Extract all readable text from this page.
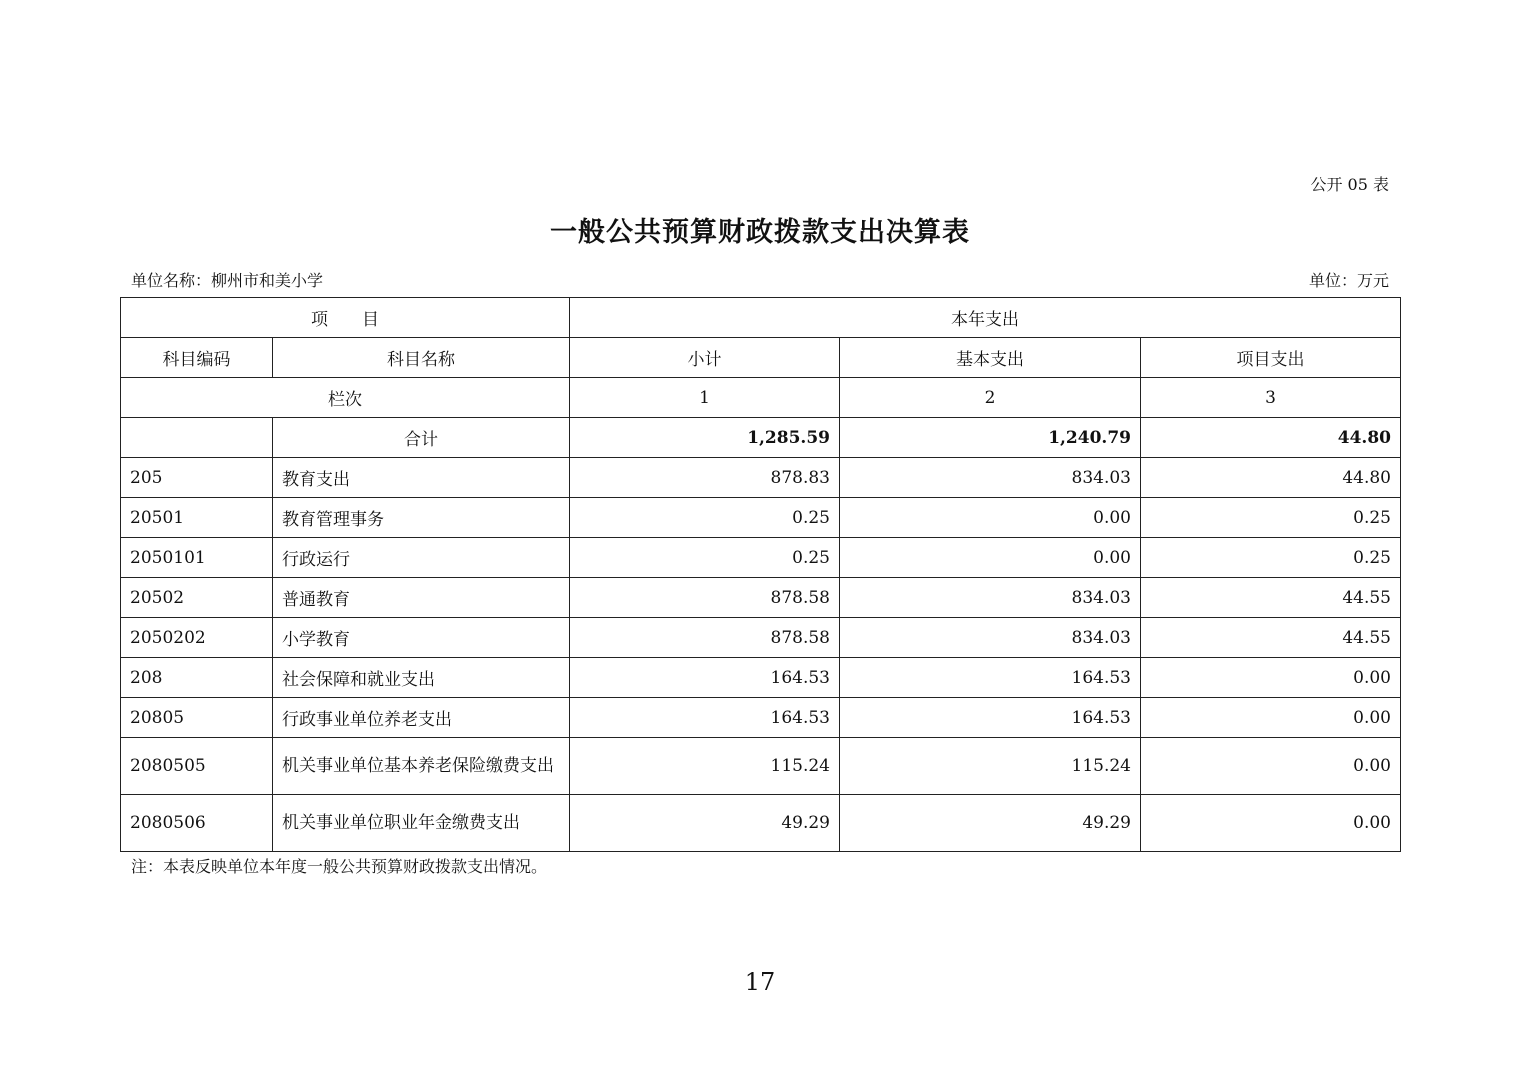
公开 05 表
一般公共预算财政拨款支出决算表
单位名称：柳州市和美小学	单位：万元
项　　目		本年支出		
科目编码	科目名称	小计	基本支出	项目支出
栏次		1	2	3
	合计	1,285.59	1,240.79	44.80
205	教育支出	878.83	834.03	44.80
20501	教育管理事务	0.25	0.00	0.25
2050101	行政运行	0.25	0.00	0.25
20502	普通教育	878.58	834.03	44.55
2050202	小学教育	878.58	834.03	44.55
208	社会保障和就业支出	164.53	164.53	0.00
20805	行政事业单位养老支出	164.53	164.53	0.00
2080505	机关事业单位基本养老保险缴费支出	115.24	115.24	0.00
2080506	机关事业单位职业年金缴费支出	49.29	49.29	0.00
注：本表反映单位本年度一般公共预算财政拨款支出情况。
17
